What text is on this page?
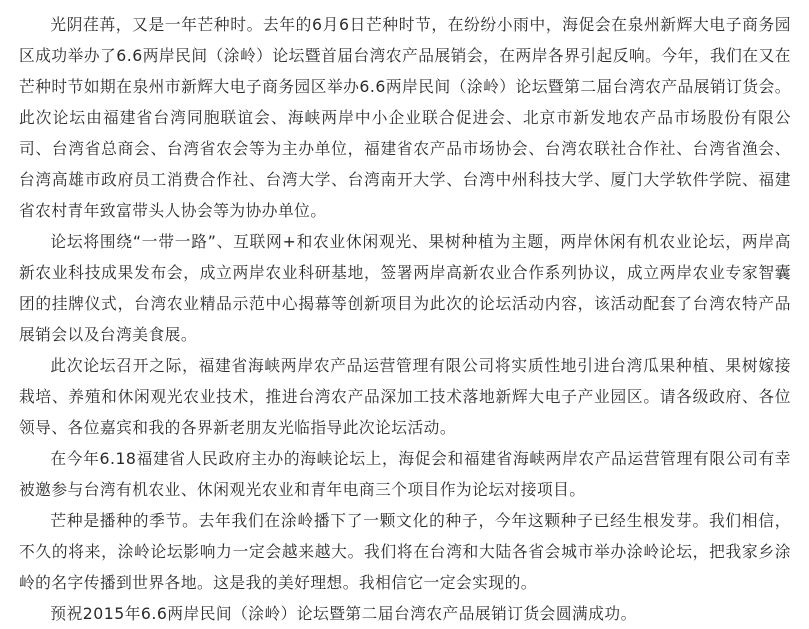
光阴荏苒，又是一年芒种时。去年的6月6日芒种时节，在纷纷小雨中，海促会在泉州新辉大电子商务园区成功举办了6.6两岸民间（涂岭）论坛暨首届台湾农产品展销会，在两岸各界引起反响。今年，我们在又在芒种时节如期在泉州市新辉大电子商务园区举办6.6两岸民间（涂岭）论坛暨第二届台湾农产品展销订货会。此次论坛由福建省台湾同胞联谊会、海峡两岸中小企业联合促进会、北京市新发地农产品市场股份有限公司、台湾省总商会、台湾省农会等为主办单位，福建省农产品市场协会、台湾农联社合作社、台湾省渔会、台湾高雄市政府员工消费合作社、台湾大学、台湾南开大学、台湾中州科技大学、厦门大学软件学院、福建省农村青年致富带头人协会等为协办单位。

论坛将围绕“一带一路”、互联网+和农业休闲观光、果树种植为主题，两岸休闲有机农业论坛，两岸高新农业科技成果发布会，成立两岸农业科研基地，签署两岸高新农业合作系列协议，成立两岸农业专家智囊团的挂牌仪式，台湾农业精品示范中心揭幕等创新项目为此次的论坛活动内容，该活动配套了台湾农特产品展销会以及台湾美食展。

此次论坛召开之际，福建省海峡两岸农产品运营管理有限公司将实质性地引进台湾瓜果种植、果树嫁接栽培、养殖和休闲观光农业技术，推进台湾农产品深加工技术落地新辉大电子产业园区。请各级政府、各位领导、各位嘉宾和我的各界新老朋友光临指导此次论坛活动。

在今年6.18福建省人民政府主办的海峡论坛上，海促会和福建省海峡两岸农产品运营管理有限公司有幸被邀参与台湾有机农业、休闲观光农业和青年电商三个项目作为论坛对接项目。

芒种是播种的季节。去年我们在涂岭播下了一颗文化的种子，今年这颗种子已经生根发芽。我们相信，不久的将来，涂岭论坛影响力一定会越来越大。我们将在台湾和大陆各省会城市举办涂岭论坛，把我家乡涂岭的名字传播到世界各地。这是我的美好理想。我相信它一定会实现的。

预祝2015年6.6两岸民间（涂岭）论坛暨第二届台湾农产品展销订货会圆满成功。
